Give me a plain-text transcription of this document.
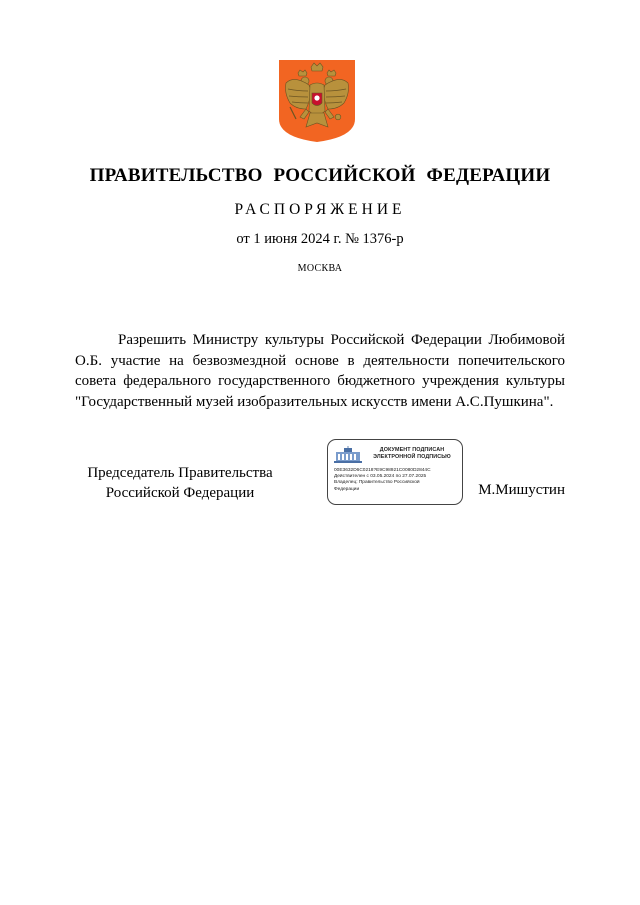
ПРАВИТЕЛЬСТВО РОССИЙСКОЙ ФЕДЕРАЦИИ
РАСПОРЯЖЕНИЕ
от 1 июня 2024 г. № 1376-р
МОСКВА

Разрешить Министру культуры Российской Федерации Любимовой О.Б. участие на безвозмездной основе в деятельности попечительского совета федерального государственного бюджетного учреждения культуры "Государственный музей изобразительных искусств имени А.С.Пушкина".

Председатель Правительства
Российской Федерации
ДОКУМЕНТ ПОДПИСАН
ЭЛЕКТРОННОЙ ПОДПИСЬЮ
00E3632D6C0218?E9C98921C0080D2844C
Действителен с 03.05.2024 по 27.07.2025
Владелец: Правительство Российской
Федерации	М.Мишустин
